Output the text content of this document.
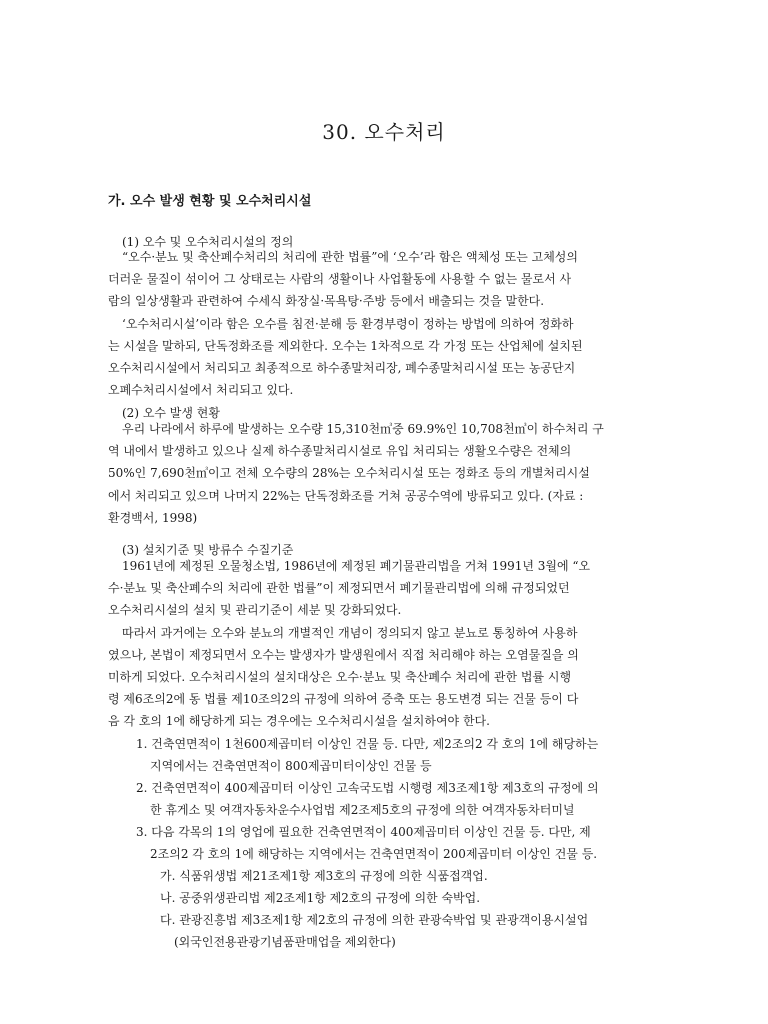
30. 오수처리
가. 오수 발생 현황 및 오수처리시설
(1) 오수 및 오수처리시설의 정의
“오수·분뇨 및 축산폐수처리의 처리에 관한 법률”에 ‘오수’라 함은 액체성 또는 고체성의
더러운 물질이 섞이어 그 상태로는 사람의 생활이나 사업활동에 사용할 수 없는 물로서 사
람의 일상생활과 관련하여 수세식 화장실·목욕탕·주방 등에서 배출되는 것을 말한다.
‘오수처리시설’이라 함은 오수를 침전·분해 등 환경부령이 정하는 방법에 의하여 정화하
는 시설을 말하되, 단독정화조를 제외한다. 오수는 1차적으로 각 가정 또는 산업체에 설치된
오수처리시설에서 처리되고 최종적으로 하수종말처리장, 폐수종말처리시설 또는 농공단지
오폐수처리시설에서 처리되고 있다.
(2) 오수 발생 현황
우리 나라에서 하루에 발생하는 오수량 15,310천㎥중 69.9%인 10,708천㎥이 하수처리 구
역 내에서 발생하고 있으나 실제 하수종말처리시설로 유입 처리되는 생활오수량은 전체의
50%인 7,690천㎥이고 전체 오수량의 28%는 오수처리시설 또는 정화조 등의 개별처리시설
에서 처리되고 있으며 나머지 22%는 단독정화조를 거쳐 공공수역에 방류되고 있다. (자료 :
환경백서, 1998)
(3) 설치기준 및 방류수 수질기준
1961년에 제정된 오물청소법, 1986년에 제정된 폐기물관리법을 거쳐 1991년 3월에 “오
수·분뇨 및 축산폐수의 처리에 관한 법률”이 제정되면서 폐기물관리법에 의해 규정되었던
오수처리시설의 설치 및 관리기준이 세분 및 강화되었다.
따라서 과거에는 오수와 분뇨의 개별적인 개념이 정의되지 않고 분뇨로 통칭하여 사용하
였으나, 본법이 제정되면서 오수는 발생자가 발생원에서 직접 처리해야 하는 오염물질을 의
미하게 되었다. 오수처리시설의 설치대상은 오수·분뇨 및 축산폐수 처리에 관한 법률 시행
령 제6조의2에 동 법률 제10조의2의 규정에 의하여 증축 또는 용도변경 되는 건물 등이 다
음 각 호의 1에 해당하게 되는 경우에는 오수처리시설을 설치하여야 한다.
1. 건축연면적이 1천600제곱미터 이상인 건물 등. 다만, 제2조의2 각 호의 1에 해당하는
지역에서는 건축연면적이 800제곱미터이상인 건물 등
2. 건축연면적이 400제곱미터 이상인 고속국도법 시행령 제3조제1항 제3호의 규정에 의
한 휴게소 및 여객자동차운수사업법 제2조제5호의 규정에 의한 여객자동차터미널
3. 다음 각목의 1의 영업에 필요한 건축연면적이 400제곱미터 이상인 건물 등. 다만, 제
2조의2 각 호의 1에 해당하는 지역에서는 건축연면적이 200제곱미터 이상인 건물 등.
가. 식품위생법 제21조제1항 제3호의 규정에 의한 식품접객업.
나. 공중위생관리법 제2조제1항 제2호의 규정에 의한 숙박업.
다. 관광진흥법 제3조제1항 제2호의 규정에 의한 관광숙박업 및 관광객이용시설업
(외국인전용관광기념품판매업을 제외한다)
